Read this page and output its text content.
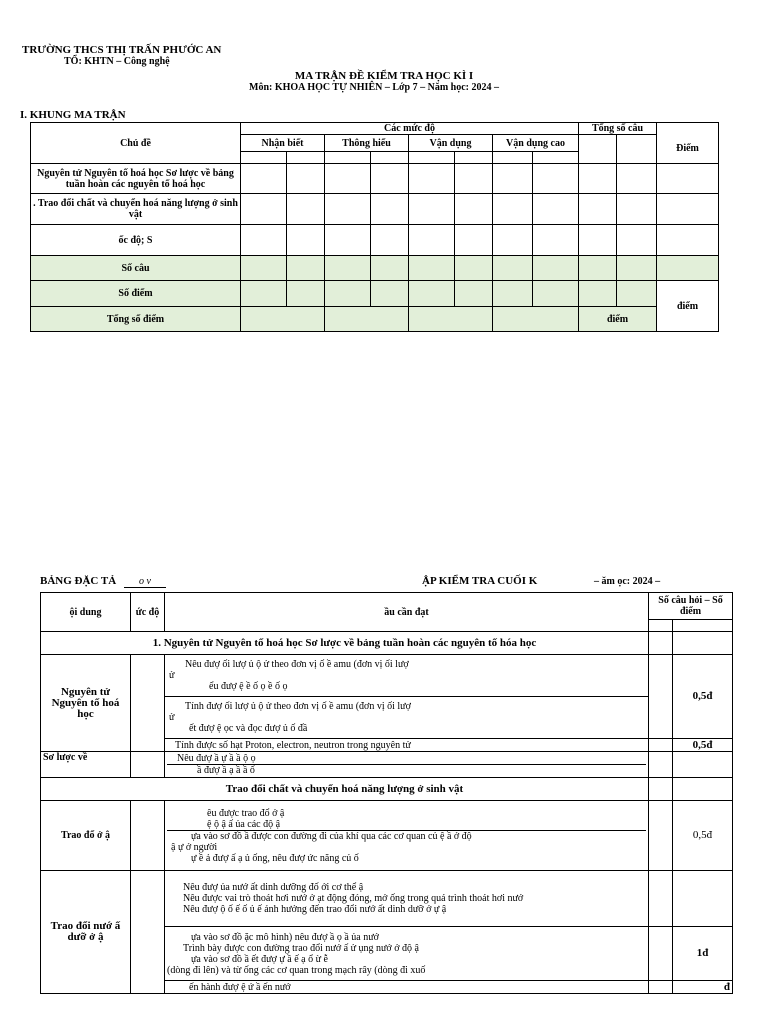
TRƯỜNG THCS THỊ TRẤN PHƯỚC AN
TỔ: KHTN – Công nghệ
MA TRẬN ĐỀ KIỂM TRA HỌC KÌ I
Môn: KHOA HỌC TỰ NHIÊN – Lớp 7 – Năm học: 2024 –
I. KHUNG MA TRẬN
Chủ đề	Các mức độ								Tổng số câu		
	Nhận biết		Thông hiểu		Vận dụng		Vận dụng cao				Điểm

Nguyên tử Nguyên tố hoá học Sơ lược về bảng tuần hoàn các nguyên tố hoá học											
. Trao đổi chất và chuyển hoá năng lượng ở sinh vật											
ốc độ; S											
Số câu											
Số điểm											điểm
Tổng số điểm									điểm		
BẢNG ĐẶC TẢ	o v	ẬP KIỂM TRA CUỐI K	– ăm ọc: 2024 –
ội dung	ức độ	ầu cần đạt	Số câu hỏi – Số điểm	

1. Nguyên tử Nguyên tố hoá học Sơ lược về bảng tuần hoàn các nguyên tố hóa học				
Nguyên tử Nguyên tố hoá học		Nêu đượ ối lượ ủ ộ ử theo đơn vị ố ề amu (đơn vị ối lượ
ử
ểu đượ ệ ề ố ọ ề ố ọ		0,5đ

		Tính đượ ối lượ ủ ộ ử theo đơn vị ố ề amu (đơn vị ối lượ
ử
ết đượ ệ ọc và đọc đượ ủ ố đầ		

		Tính được số hạt Proton, electron, neutron trong nguyên tử		0,5đ
Sơ lược về		Nêu đượ ầ ự ầ ầ ộ ọ
ầ đượ ầ ạ ầ ầ ố		

Trao đổi chất và chuyển hoá năng lượng ở sinh vật				
Trao đổ ở ậ		êu được trao đổ ở ậ
ệ ộ ậ ấ ủa các độ ậ
ựa vào sơ đồ ầ được con đường đi của khí qua các cơ quan củ ệ ầ ở độ
ậ ự ở người
ự ề ả đượ ấ ạ ủ ống, nêu đượ ức năng củ ố		0,5đ
Trao đổi nướ ấ dưỡ ở ậ		Nêu đượ ủa nướ ất dinh dưỡng đố ới cơ thể ậ
Nêu được vai trò thoát hơi nướ ở ạt động đóng, mở ống trong quá trình thoát hơi nướ
Nêu đượ ộ ố ế ố ủ ế ảnh hưởng đến trao đổi nướ ất dinh dưỡ ở ự ậ		

		ựa vào sơ đồ ặc mô hình) nêu đượ ầ ọ ầ ủa nướ
Trình bày được con đường trao đổi nướ ấ ử ụng nướ ở độ ậ
ựa vào sơ đồ ầ ết đượ ự ầ ế ạ ổ ừ ễ
(dòng đi lên) và từ ống các cơ quan trong mạch rây (dòng đi xuố		1đ
		ến hành đượ ệ ứ ầ ến nướ		đ
